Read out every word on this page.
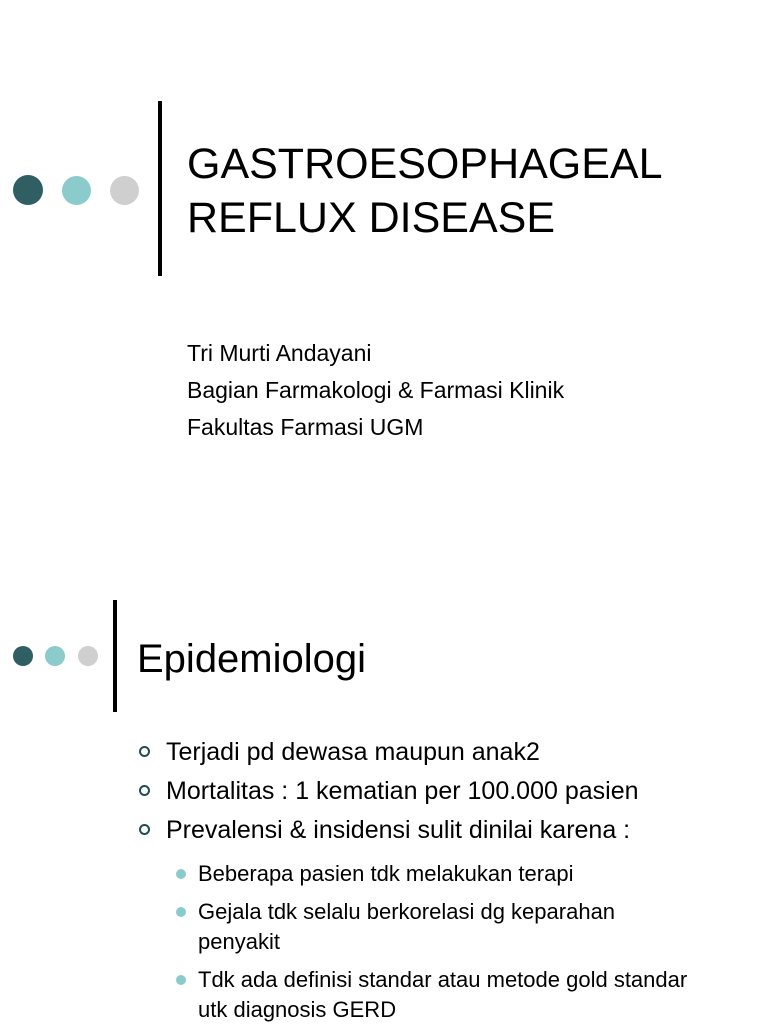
GASTROESOPHAGEAL
REFLUX DISEASE
Tri Murti Andayani
Bagian Farmakologi & Farmasi Klinik
Fakultas Farmasi UGM
Epidemiologi
Terjadi pd dewasa maupun anak2
Mortalitas : 1 kematian per 100.000 pasien
Prevalensi & insidensi sulit dinilai karena :
Beberapa pasien tdk melakukan terapi
Gejala tdk selalu berkorelasi dg keparahan penyakit
Tdk ada definisi standar atau metode gold standar utk diagnosis GERD
